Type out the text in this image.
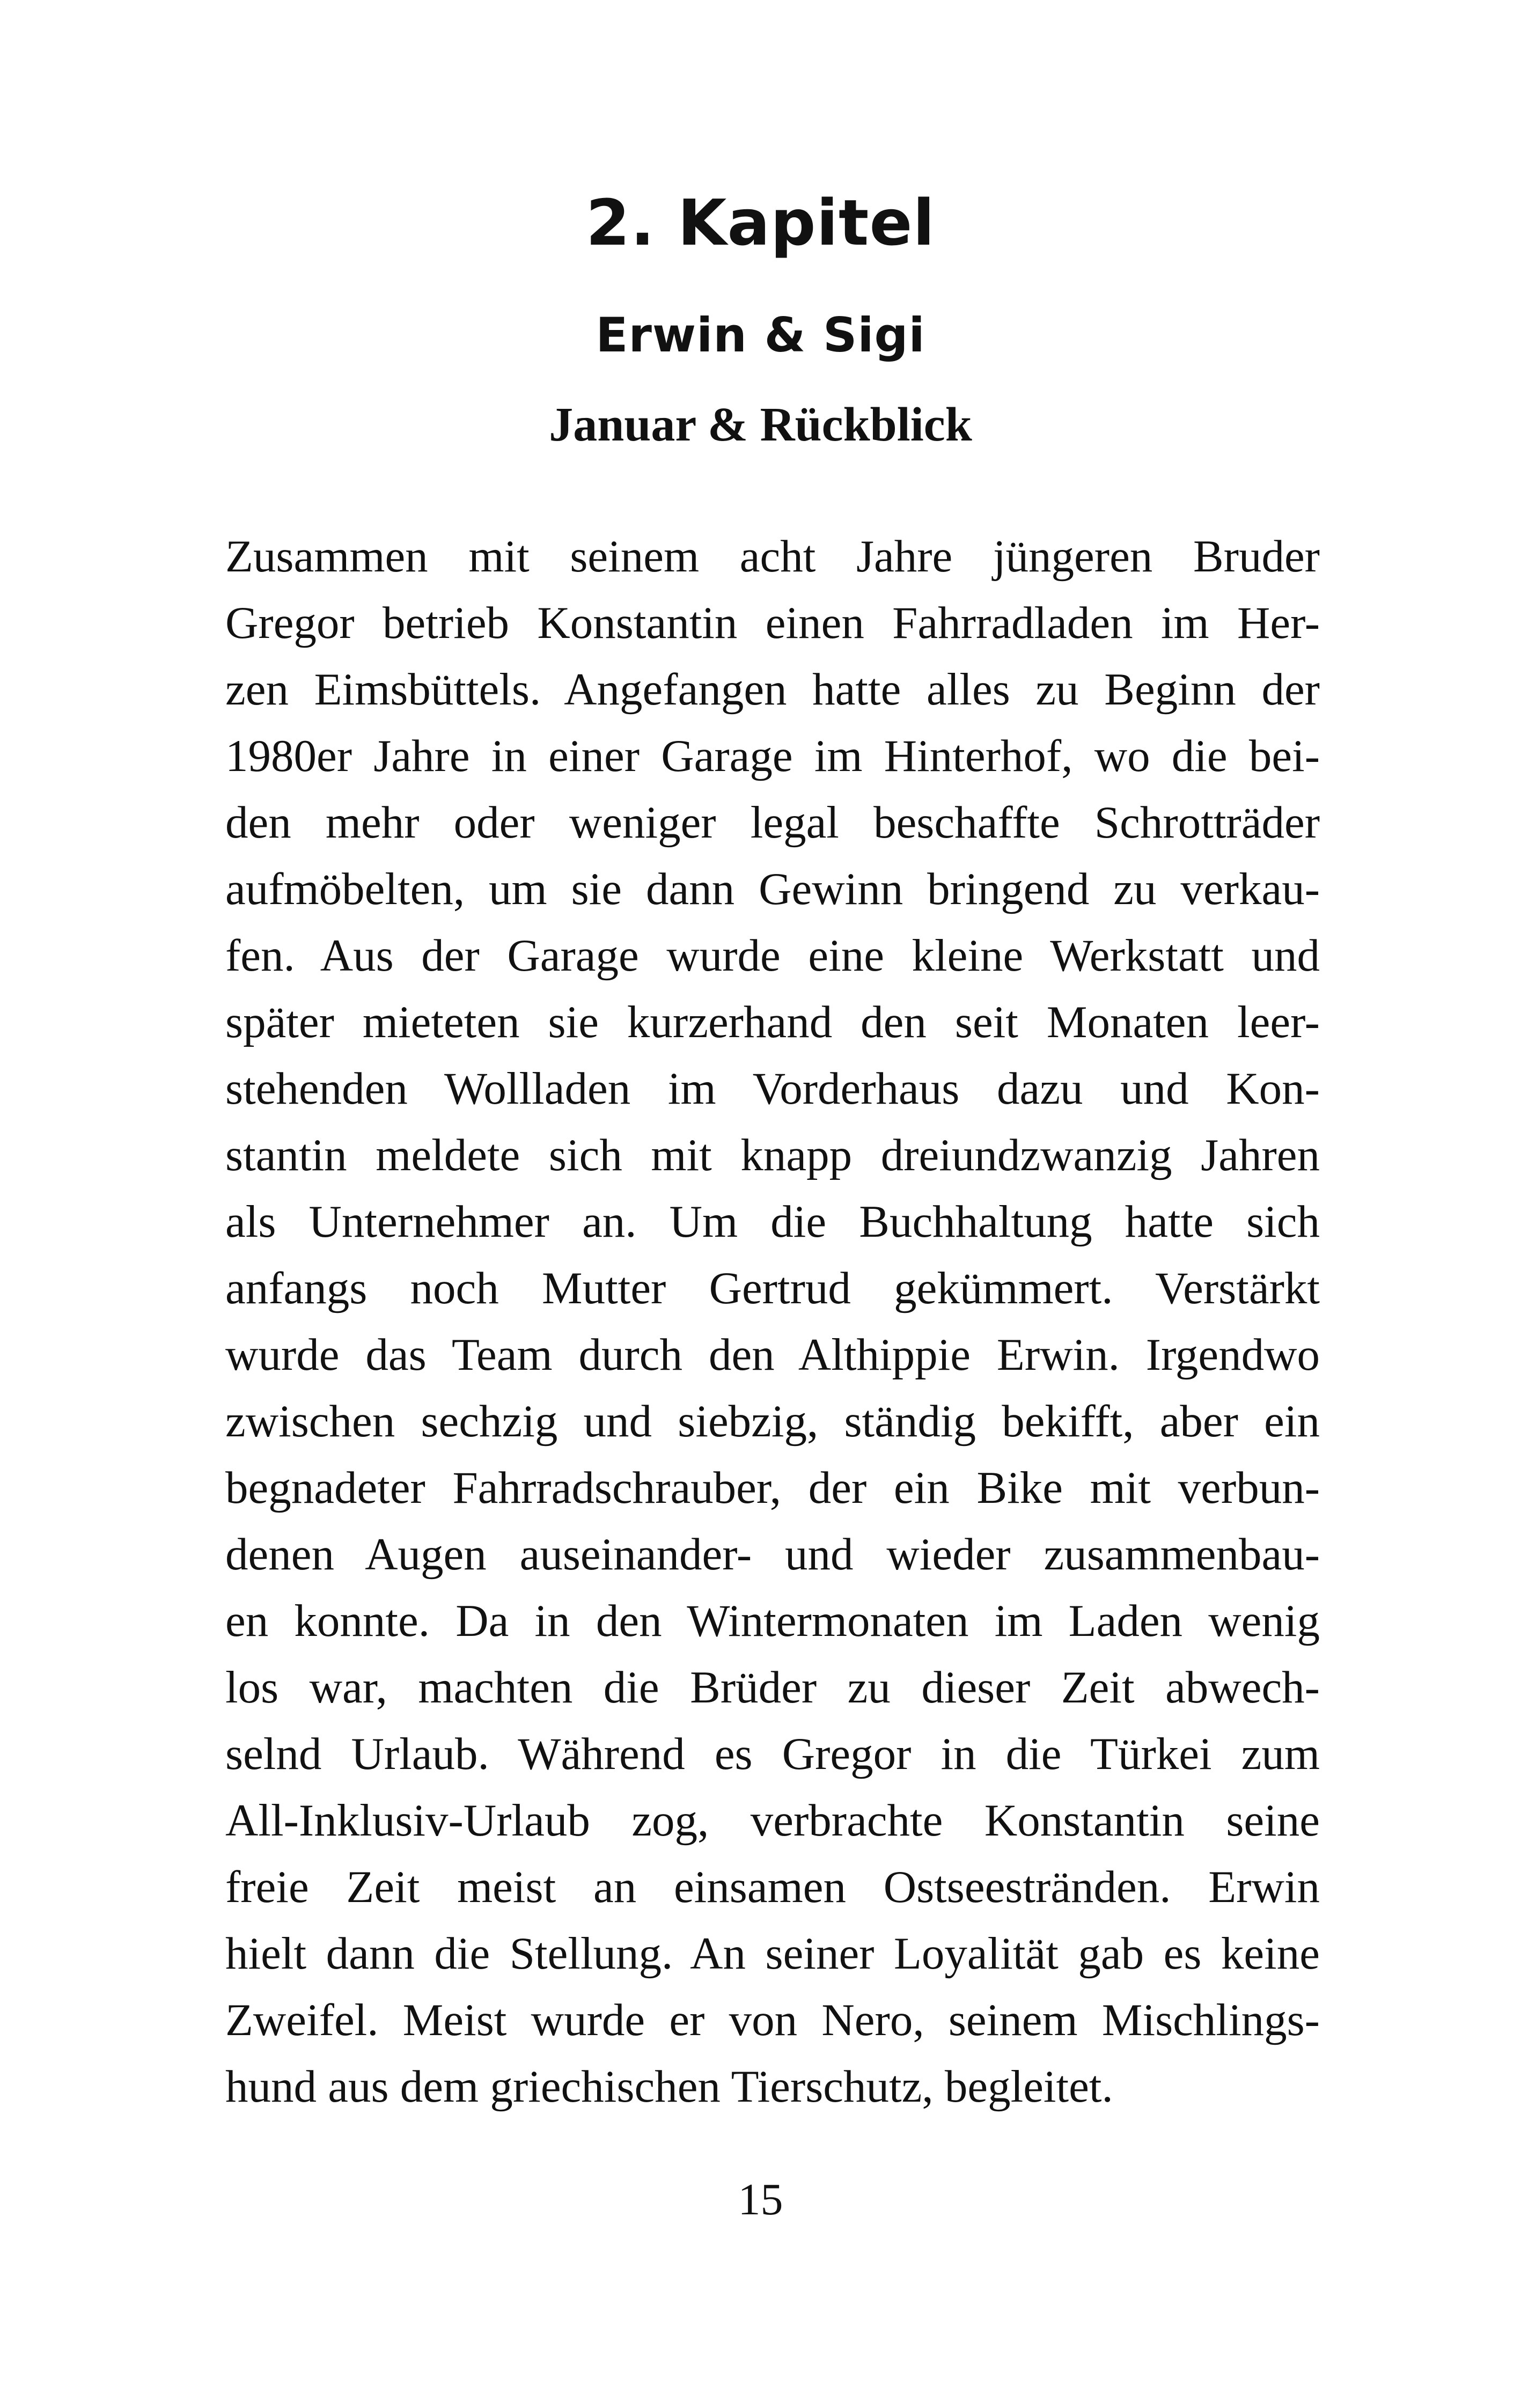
2. Kapitel
Erwin & Sigi
Januar & Rückblick
Zusammen mit seinem acht Jahre jüngeren Bruder
Gregor betrieb Konstantin einen Fahrradladen im Her-
zen Eimsbüttels. Angefangen hatte alles zu Beginn der
1980er Jahre in einer Garage im Hinterhof, wo die bei-
den mehr oder weniger legal beschaffte Schrotträder
aufmöbelten, um sie dann Gewinn bringend zu verkau-
fen. Aus der Garage wurde eine kleine Werkstatt und
später mieteten sie kurzerhand den seit Monaten leer-
stehenden Wollladen im Vorderhaus dazu und Kon-
stantin meldete sich mit knapp dreiundzwanzig Jahren
als Unternehmer an. Um die Buchhaltung hatte sich
anfangs noch Mutter Gertrud gekümmert. Verstärkt
wurde das Team durch den Althippie Erwin. Irgendwo
zwischen sechzig und siebzig, ständig bekifft, aber ein
begnadeter Fahrradschrauber, der ein Bike mit verbun-
denen Augen auseinander- und wieder zusammenbau-
en konnte. Da in den Wintermonaten im Laden wenig
los war, machten die Brüder zu dieser Zeit abwech-
selnd Urlaub. Während es Gregor in die Türkei zum
All-Inklusiv-Urlaub zog, verbrachte Konstantin seine
freie Zeit meist an einsamen Ostseestränden. Erwin
hielt dann die Stellung. An seiner Loyalität gab es keine
Zweifel. Meist wurde er von Nero, seinem Mischlings-
hund aus dem griechischen Tierschutz, begleitet.
15
